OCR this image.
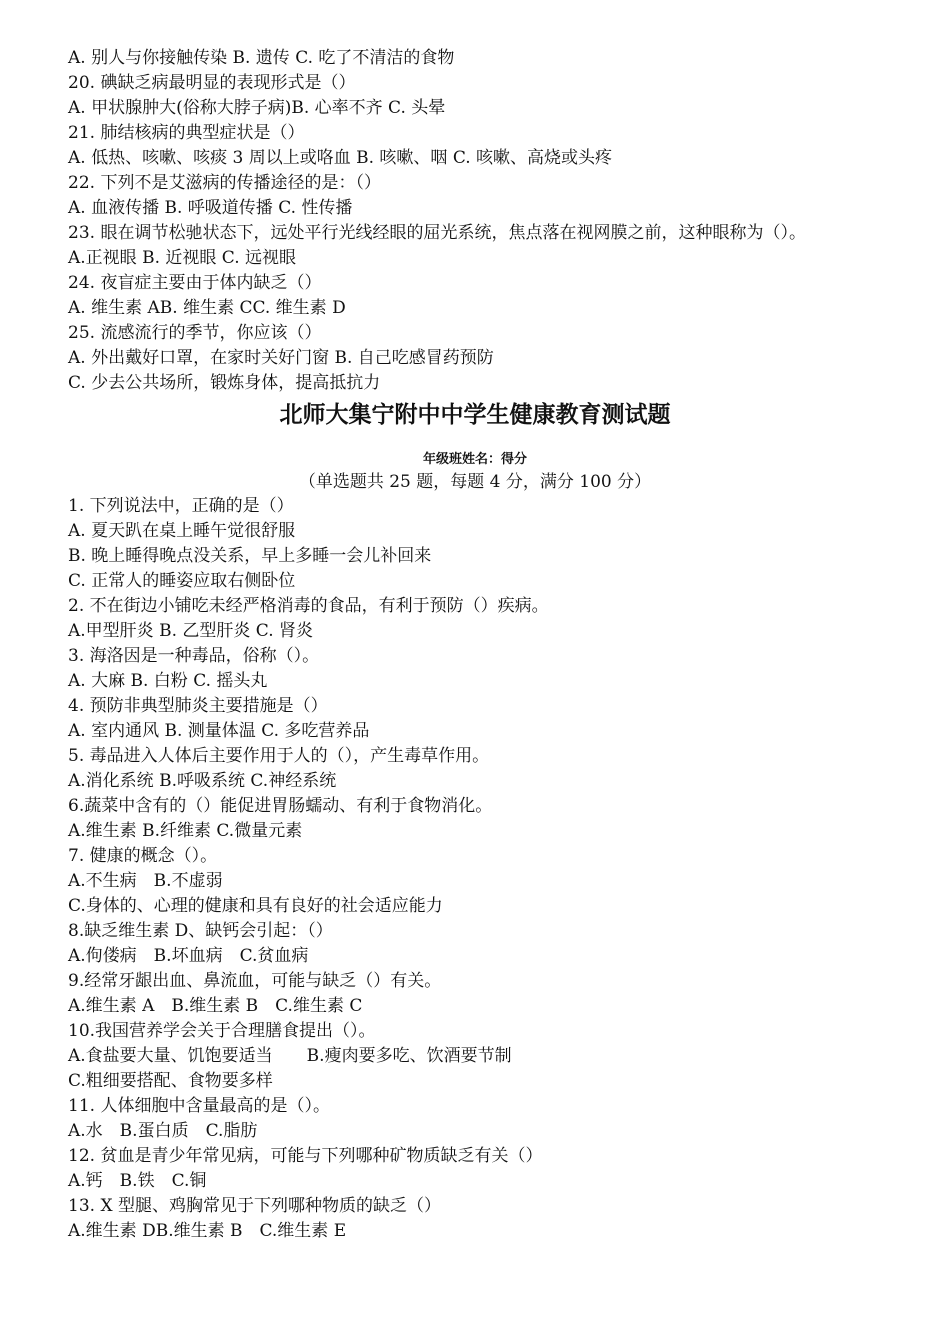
A. 别人与你接触传染 B. 遗传 C. 吃了不清洁的食物
20. 碘缺乏病最明显的表现形式是（）
A. 甲状腺肿大(俗称大脖子病)B. 心率不齐 C. 头晕
21. 肺结核病的典型症状是（）
A. 低热、咳嗽、咳痰 3 周以上或咯血 B. 咳嗽、咽 C. 咳嗽、高烧或头疼
22. 下列不是艾滋病的传播途径的是：（）
A. 血液传播 B. 呼吸道传播 C. 性传播
23. 眼在调节松驰状态下，远处平行光线经眼的屈光系统，焦点落在视网膜之前，这种眼称为（）。
A.正视眼 B. 近视眼 C. 远视眼
24. 夜盲症主要由于体内缺乏（）
A. 维生素 AB. 维生素 CC. 维生素 D
25. 流感流行的季节，你应该（）
A. 外出戴好口罩，在家时关好门窗 B. 自己吃感冒药预防
C. 少去公共场所，锻炼身体，提高抵抗力
北师大集宁附中中学生健康教育测试题
年级班姓名：得分
（单选题共 25 题，每题 4 分，满分 100 分）
1. 下列说法中，正确的是（）
A. 夏天趴在桌上睡午觉很舒服
B. 晚上睡得晚点没关系，早上多睡一会儿补回来
C. 正常人的睡姿应取右侧卧位
2. 不在街边小铺吃未经严格消毒的食品，有利于预防（）疾病。
A.甲型肝炎 B. 乙型肝炎 C. 肾炎
3. 海洛因是一种毒品，俗称（）。
A. 大麻 B. 白粉 C. 摇头丸
4. 预防非典型肺炎主要措施是（）
A. 室内通风 B. 测量体温 C. 多吃营养品
5. 毒品进入人体后主要作用于人的（），产生毒草作用。
A.消化系统 B.呼吸系统 C.神经系统
6.蔬菜中含有的（）能促进胃肠蠕动、有利于食物消化。
A.维生素 B.纤维素 C.微量元素
7. 健康的概念（）。
A.不生病　B.不虚弱
C.身体的、心理的健康和具有良好的社会适应能力
8.缺乏维生素 D、缺钙会引起：（）
A.佝偻病　B.坏血病　C.贫血病
9.经常牙龈出血、鼻流血，可能与缺乏（）有关。
A.维生素 A　B.维生素 B　C.维生素 C
10.我国营养学会关于合理膳食提出（）。
A.食盐要大量、饥饱要适当　　B.瘦肉要多吃、饮酒要节制
C.粗细要搭配、食物要多样
11. 人体细胞中含量最高的是（）。
A.水　B.蛋白质　C.脂肪
12. 贫血是青少年常见病，可能与下列哪种矿物质缺乏有关（）
A.钙　B.铁　C.铜
13. X 型腿、鸡胸常见于下列哪种物质的缺乏（）
A.维生素 DB.维生素 B　C.维生素 E
